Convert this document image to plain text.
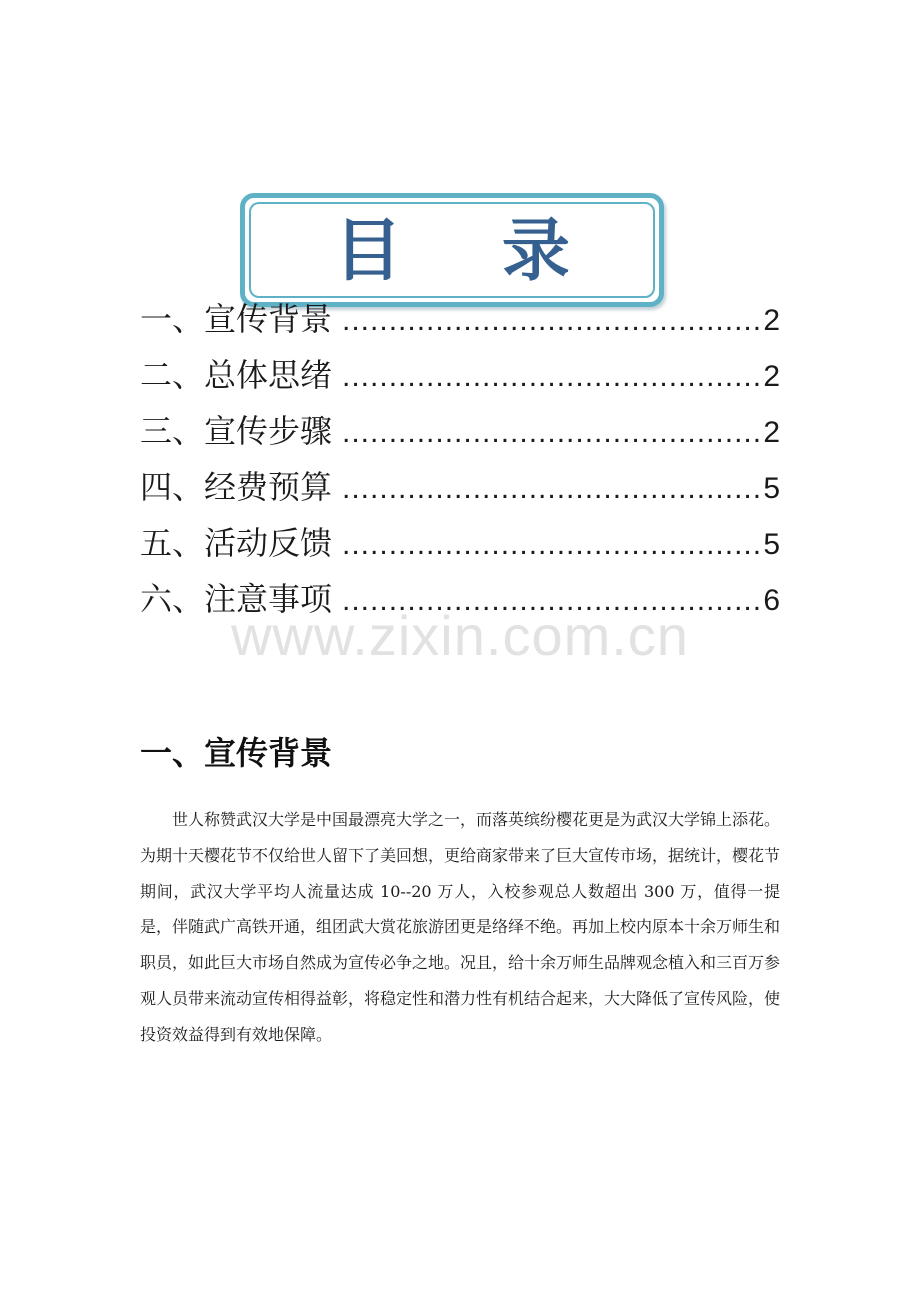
目 录
一、宣传背景 .....	2
二、总体思绪 .....	2
三、宣传步骤 .....	2
四、经费预算 .....	5
五、活动反馈 .....	5
六、注意事项 .....	6
www.zixin.com.cn
一、宣传背景

世人称赞武汉大学是中国最漂亮大学之一，而落英缤纷樱花更是为武汉大学锦上添花。为期十天樱花节不仅给世人留下了美回想，更给商家带来了巨大宣传市场，据统计，樱花节期间，武汉大学平均人流量达成 10--20 万人，入校参观总人数超出 300 万，值得一提是，伴随武广高铁开通，组团武大赏花旅游团更是络绎不绝。再加上校内原本十余万师生和职员，如此巨大市场自然成为宣传必争之地。况且，给十余万师生品牌观念植入和三百万参观人员带来流动宣传相得益彰，将稳定性和潜力性有机结合起来，大大降低了宣传风险，使投资效益得到有效地保障。
